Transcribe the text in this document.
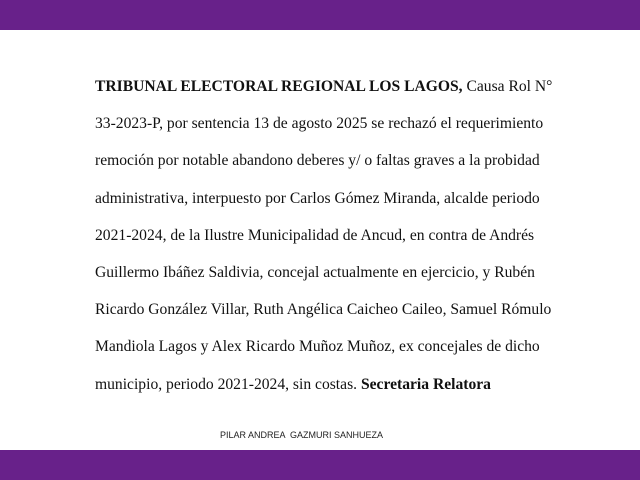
TRIBUNAL ELECTORAL REGIONAL LOS LAGOS, Causa Rol N°
33-2023-P, por sentencia 13 de agosto 2025 se rechazó el requerimiento
remoción por notable abandono deberes y/ o faltas graves a la probidad
administrativa, interpuesto por Carlos Gómez Miranda, alcalde periodo
2021-2024, de la Ilustre Municipalidad de Ancud, en contra de Andrés
Guillermo Ibáñez Saldivia, concejal actualmente en ejercicio, y Rubén
Ricardo González Villar, Ruth Angélica Caicheo Caileo, Samuel Rómulo
Mandiola Lagos y Alex Ricardo Muñoz Muñoz, ex concejales de dicho
municipio, periodo 2021-2024, sin costas. Secretaria Relatora

PILAR ANDREA  GAZMURI SANHUEZA
